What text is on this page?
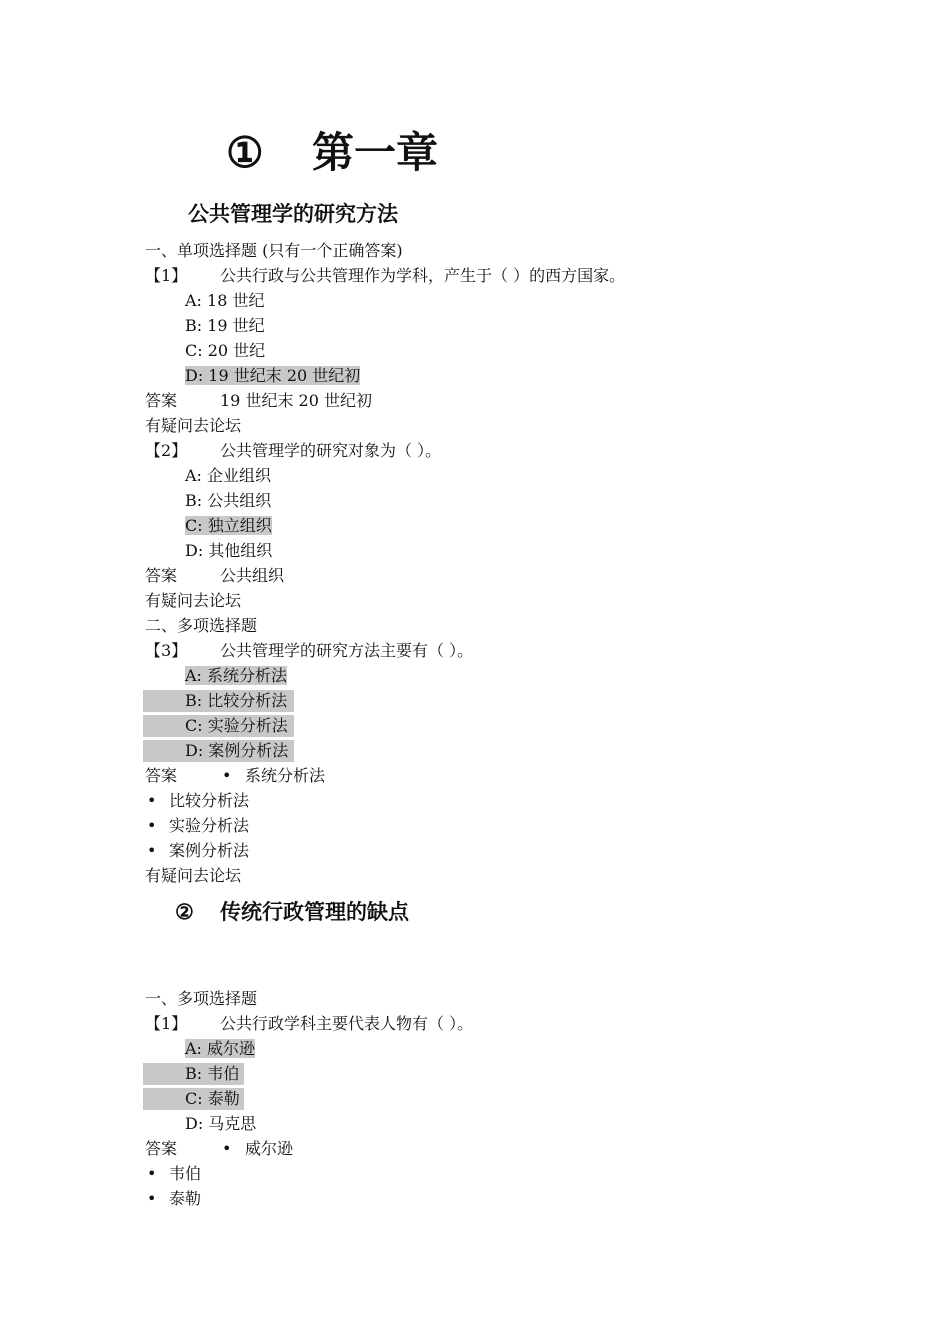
① 第一章
公共管理学的研究方法
一、单项选择题 (只有一个正确答案)
【1】 公共行政与公共管理作为学科，产生于（ ）的西方国家。
A: 18 世纪
B: 19 世纪
C: 20 世纪
D: 19 世纪末 20 世纪初
答案	19 世纪末 20 世纪初
有疑问去论坛
【2】 公共管理学的研究对象为（ ）。
A: 企业组织
B: 公共组织
C: 独立组织
D: 其他组织
答案	公共组织
有疑问去论坛
二、多项选择题
【3】 公共管理学的研究方法主要有（ ）。
A: 系统分析法
B: 比较分析法
C: 实验分析法
D: 案例分析法
答案	• 系统分析法
• 比较分析法
• 实验分析法
• 案例分析法
有疑问去论坛
② 传统行政管理的缺点
一、多项选择题
【1】 公共行政学科主要代表人物有（ ）。
A: 威尔逊
B: 韦伯
C: 泰勒
D: 马克思
答案	• 威尔逊
• 韦伯
• 泰勒
